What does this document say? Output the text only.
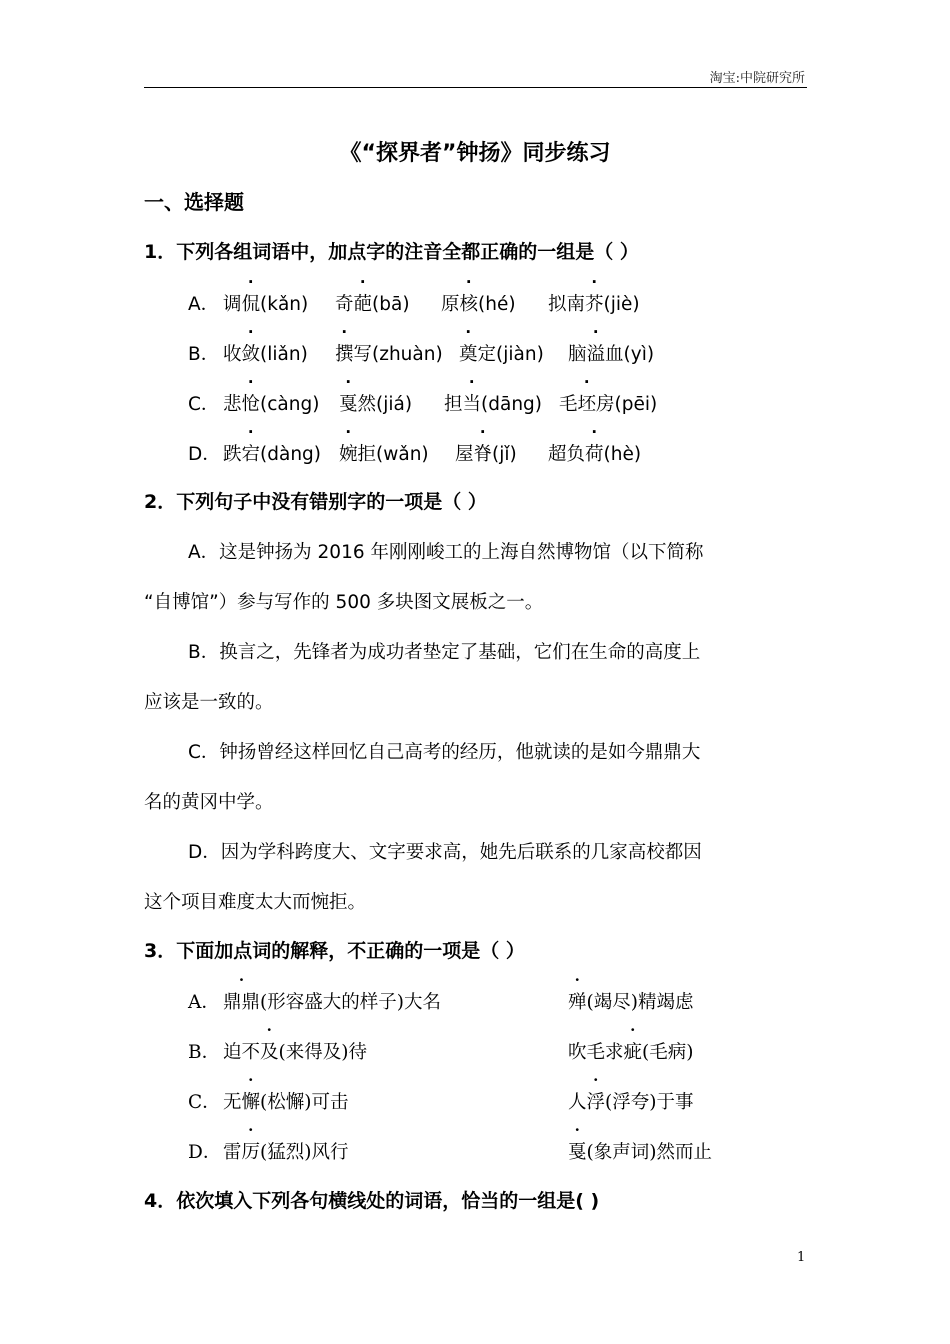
淘宝:中院研究所
《“探界者”钟扬》同步练习
一、选择题
1．下列各组词语中，加点字的注音全都正确的一组是（ ）
A． 调侃(kǎn) 奇葩(bā) 原核(hé) 拟南芥(jiè)
B． 收敛(liǎn) 撰写(zhuàn) 奠定(jiàn) 脑溢血(yì)
C． 悲怆(càng) 戛然(jiá) 担当(dāng) 毛坯房(pēi)
D． 跌宕(dàng) 婉拒(wǎn) 屋脊(jǐ) 超负荷(hè)
2．下列句子中没有错别字的一项是（ ）
A．这是钟扬为 2016 年刚刚峻工的上海自然博物馆（以下简称
“自博馆”）参与写作的 500 多块图文展板之一。
B．换言之，先锋者为成功者垫定了基础，它们在生命的高度上
应该是一致的。
C．钟扬曾经这样回忆自己高考的经历，他就读的是如今鼎鼎大
名的黄冈中学。
D．因为学科跨度大、文字要求高，她先后联系的几家高校都因
这个项目难度太大而惋拒。
3．下面加点词的解释，不正确的一项是（ ）
A． 鼎鼎(形容盛大的样子)大名	殚(竭尽)精竭虑
B． 迫不及(来得及)待	吹毛求疵(毛病)
C． 无懈(松懈)可击	人浮(浮夸)于事
D． 雷厉(猛烈)风行	戛(象声词)然而止
4．依次填入下列各句横线处的词语，恰当的一组是( )
1
